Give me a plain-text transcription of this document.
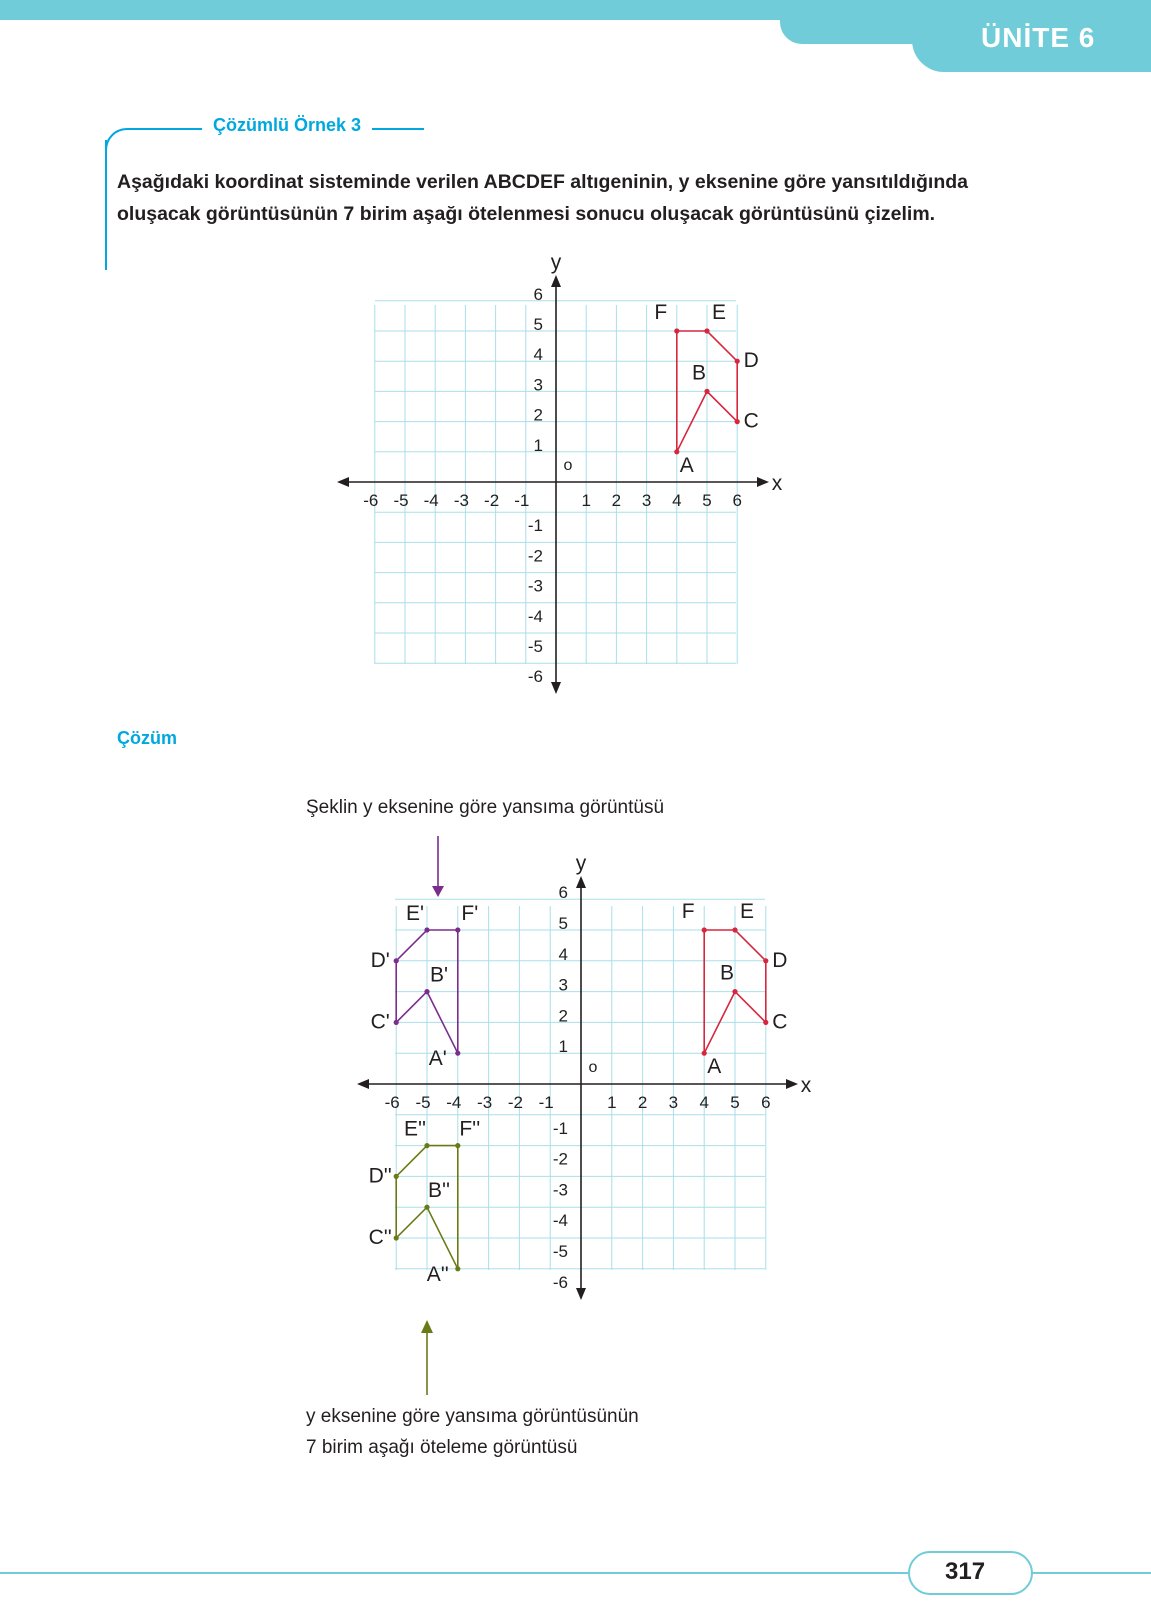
ÜNİTE 6
Çözümlü Örnek 3
Aşağıdaki koordinat sisteminde verilen ABCDEF altıgeninin, y eksenine göre yansıtıldığında
oluşacak görüntüsünün 7 birim aşağı ötelenmesi sonucu oluşacak görüntüsünü çizelim.
Çözüm
Şeklin y eksenine göre yansıma görüntüsü
y eksenine göre yansıma görüntüsünün
7 birim aşağı öteleme görüntüsü
x
y
o
-6 -5 -4 -3 -2 -1	1 2 3 4 5 6
-6
-5
-4
-3
-2
-1
1
2
3
4
5
6
A
B
C
D
E
F
x
y
o
-6 -5 -4 -3 -2 -1	1 2 3 4 5 6
-6
-5
-4
-3
-2
-1
1
2
3
4
5
6
A
B
C
D
E
F
A'
B'
C'
D'
E' F'
A''
B''
C''
D''
E'' F''
317
